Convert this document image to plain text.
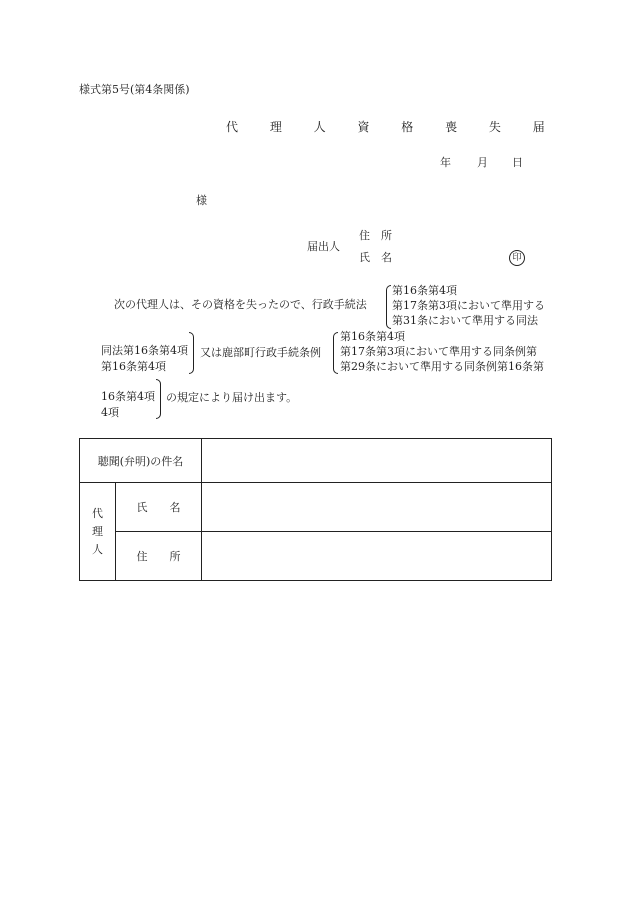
様式第5号(第4条関係)
代 理 人 資 格 喪 失 届
年 月 日
様
届出人
住　所
氏　名	印
次の代理人は、その資格を失ったので、行政手続法
第16条第4項
第17条第3項において準用する
第31条において準用する同法
同法第16条第4項
第16条第4項
又は鹿部町行政手続条例
第16条第4項
第17条第3項において準用する同条例第
第29条において準用する同条例第16条第
16条第4項
4項
の規定により届け出ます。
聴聞(弁明)の件名		

代
理
人	氏　　名	
	住　　所	
